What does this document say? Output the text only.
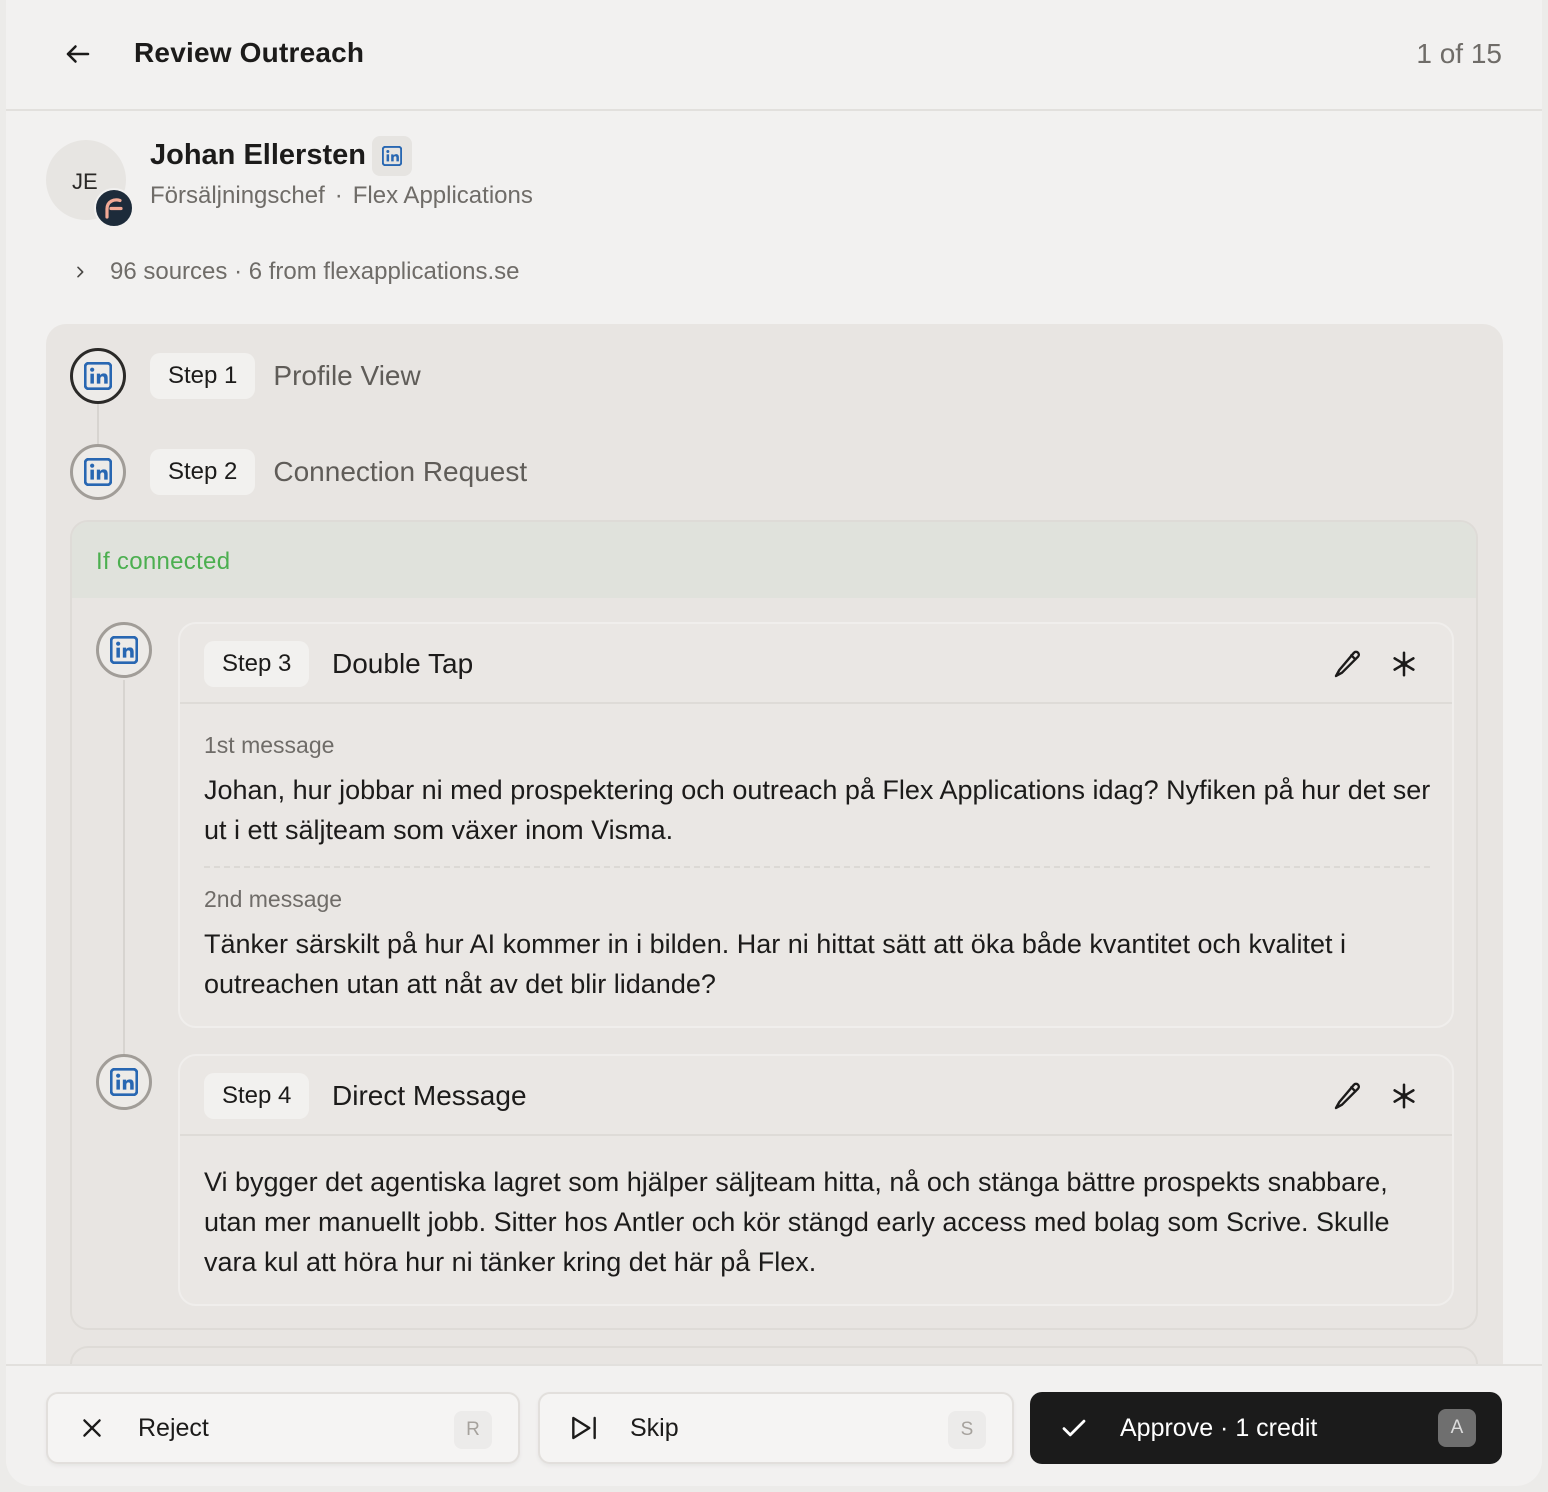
Review Outreach	1 of 15
JE
Johan Ellersten
Försäljningschef · Flex Applications
96 sources · 6 from flexapplications.se
Step 1	Profile View
Step 2	Connection Request
If connected
Step 3	Double Tap
1st message

Johan, hur jobbar ni med prospektering och outreach på Flex Applications idag? Nyfiken på hur det ser ut i ett säljteam som växer inom Visma.

2nd message

Tänker särskilt på hur AI kommer in i bilden. Har ni hittat sätt att öka både kvantitet och kvalitet i outreachen utan att nåt av det blir lidande?

Step 4	Direct Message

Vi bygger det agentiska lagret som hjälper säljteam hitta, nå och stänga bättre prospekts snabbare, utan mer manuellt jobb. Sitter hos Antler och kör stängd early access med bolag som Scrive. Skulle vara kul att höra hur ni tänker kring det här på Flex.

Reject	R	Skip	S	Approve · 1 credit	A
